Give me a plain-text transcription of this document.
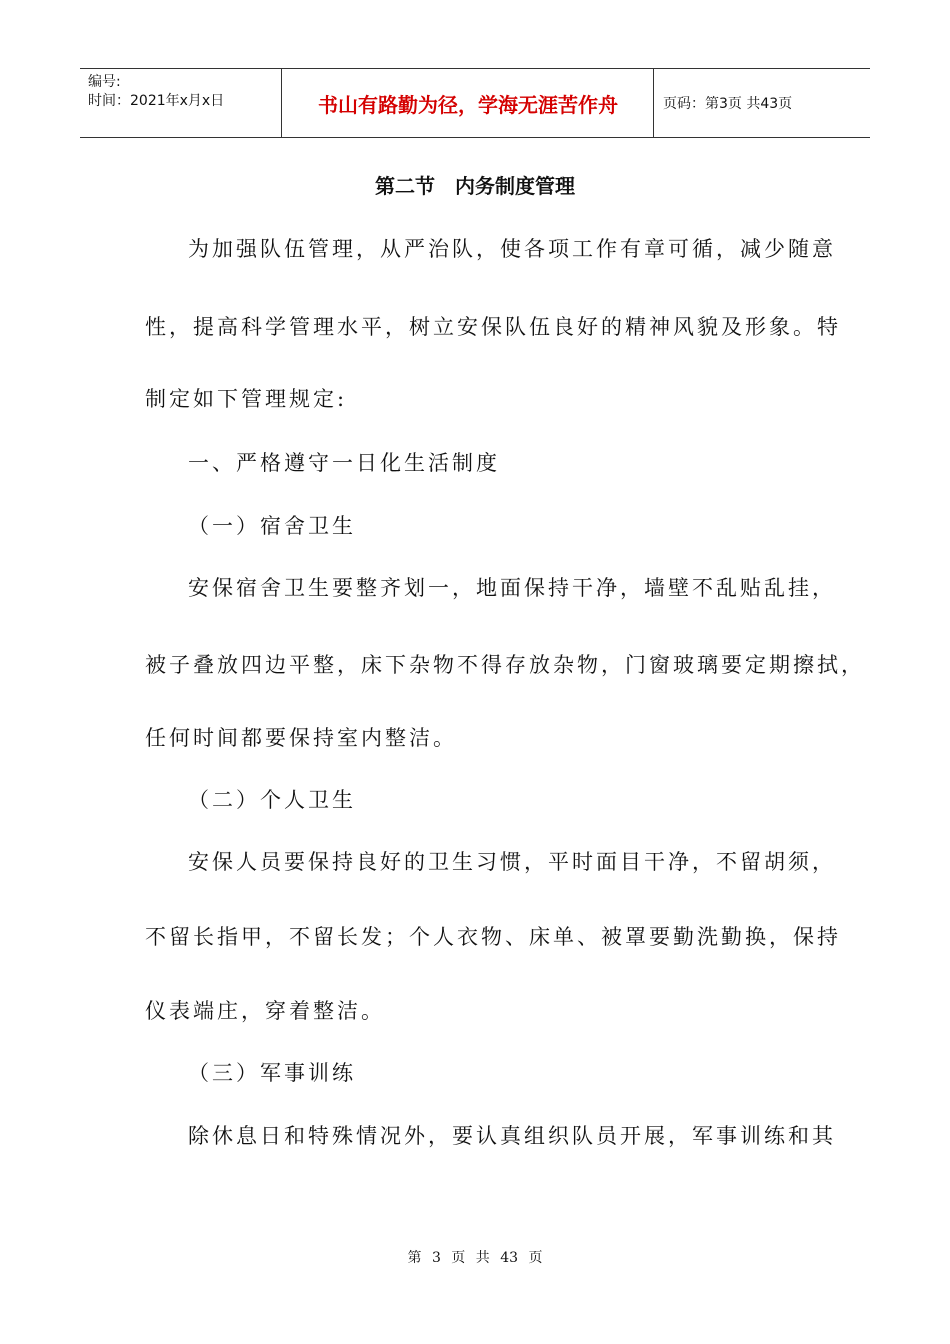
编号:
时间：2021年x月x日	书山有路勤为径，学海无涯苦作舟	页码：第3页 共43页
第二节　内务制度管理
为加强队伍管理，从严治队，使各项工作有章可循，减少随意
性，提高科学管理水平，树立安保队伍良好的精神风貌及形象。特
制定如下管理规定:
一、严格遵守一日化生活制度
（一）宿舍卫生
安保宿舍卫生要整齐划一，地面保持干净，墙壁不乱贴乱挂，
被子叠放四边平整，床下杂物不得存放杂物，门窗玻璃要定期擦拭，
任何时间都要保持室内整洁。
（二）个人卫生
安保人员要保持良好的卫生习惯，平时面目干净，不留胡须，
不留长指甲，不留长发；个人衣物、床单、被罩要勤洗勤换，保持
仪表端庄，穿着整洁。
（三）军事训练
除休息日和特殊情况外，要认真组织队员开展，军事训练和其
第 3 页 共 43 页
